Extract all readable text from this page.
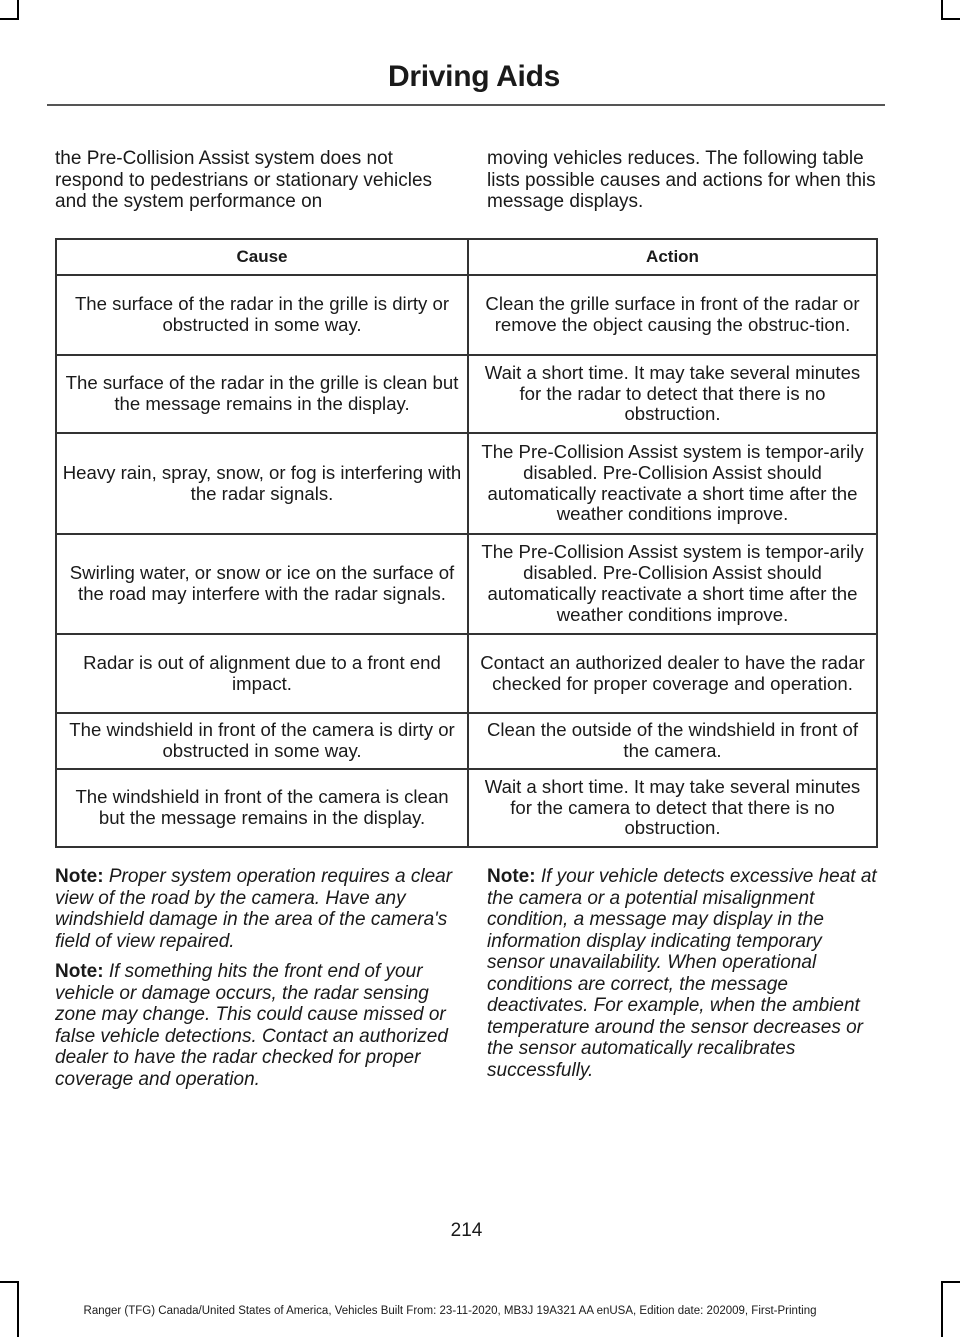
Driving Aids
the Pre-Collision Assist system does not respond to pedestrians or stationary vehicles and the system performance on
moving vehicles reduces. The following table lists possible causes and actions for when this message displays.
Cause	Action
The surface of the radar in the grille is dirty or obstructed in some way.	Clean the grille surface in front of the radar or remove the object causing the obstruc-tion.
The surface of the radar in the grille is clean but the message remains in the display.	Wait a short time. It may take several minutes for the radar to detect that there is no obstruction.
Heavy rain, spray, snow, or fog is interfering with the radar signals.	The Pre-Collision Assist system is tempor-arily disabled. Pre-Collision Assist should automatically reactivate a short time after the weather conditions improve.
Swirling water, or snow or ice on the surface of the road may interfere with the radar signals.	The Pre-Collision Assist system is tempor-arily disabled. Pre-Collision Assist should automatically reactivate a short time after the weather conditions improve.
Radar is out of alignment due to a front end impact.	Contact an authorized dealer to have the radar checked for proper coverage and operation.
The windshield in front of the camera is dirty or obstructed in some way.	Clean the outside of the windshield in front of the camera.
The windshield in front of the camera is clean but the message remains in the display.	Wait a short time. It may take several minutes for the camera to detect that there is no obstruction.

Note: Proper system operation requires a clear view of the road by the camera. Have any windshield damage in the area of the camera's field of view repaired.

Note: If something hits the front end of your vehicle or damage occurs, the radar sensing zone may change. This could cause missed or false vehicle detections. Contact an authorized dealer to have the radar checked for proper coverage and operation.

Note: If your vehicle detects excessive heat at the camera or a potential misalignment condition, a message may display in the information display indicating temporary sensor unavailability. When operational conditions are correct, the message deactivates. For example, when the ambient temperature around the sensor decreases or the sensor automatically recalibrates successfully.

214
Ranger (TFG) Canada/United States of America, Vehicles Built From: 23-11-2020, MB3J 19A321 AA enUSA, Edition date: 202009, First-Printing
